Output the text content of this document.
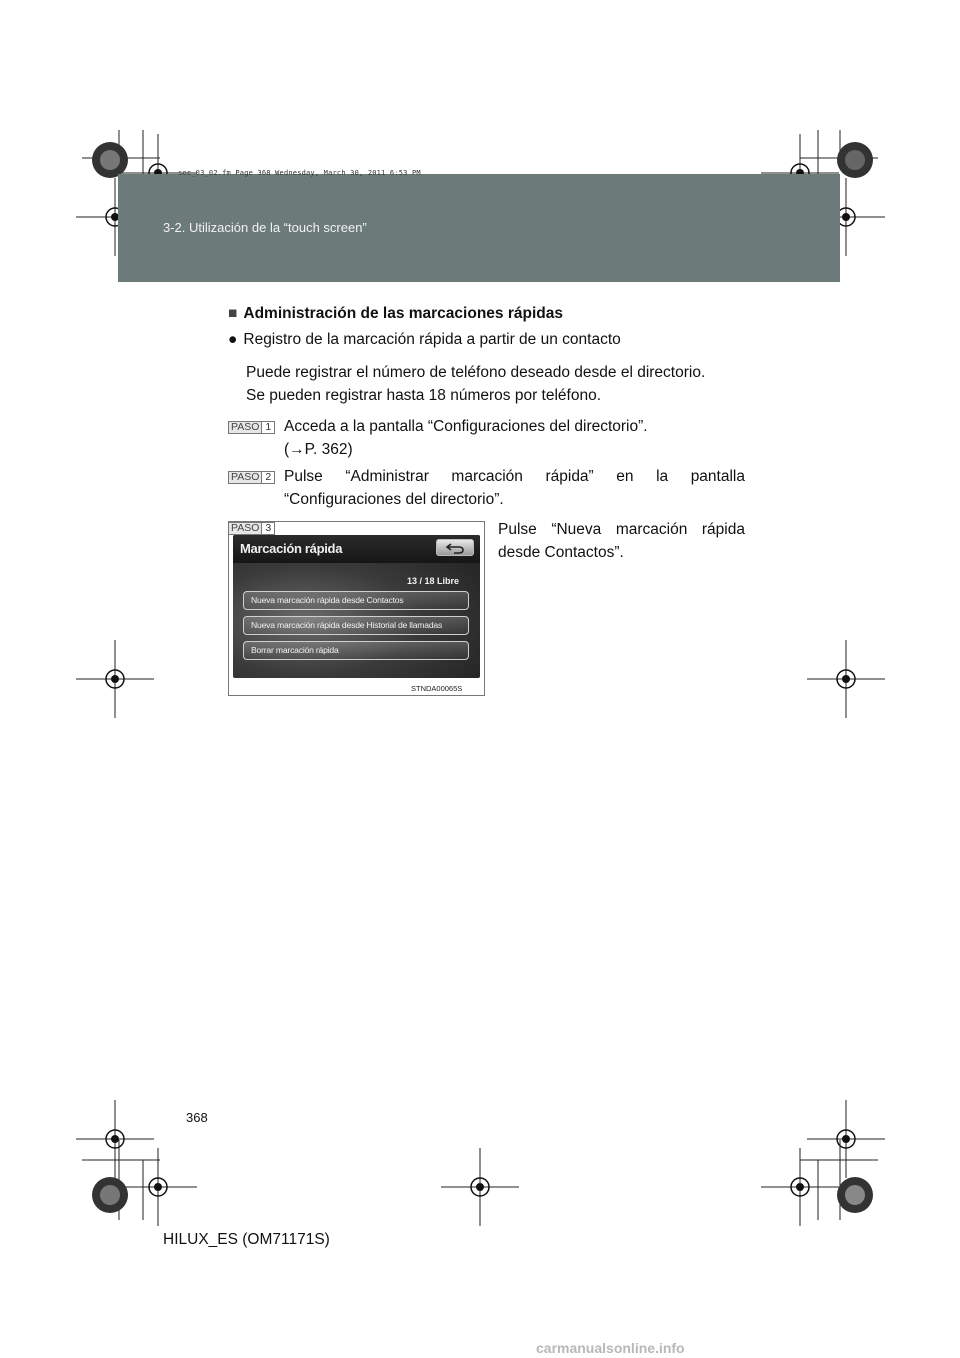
3-2. Utilización de la “touch screen”
sec_03_02.fm Page 368 Wednesday, March 30, 2011 6:53 PM
■ Administración de las marcaciones rápidas
● Registro de la marcación rápida a partir de un contacto
Puede registrar el número de teléfono deseado desde el directorio.
Se pueden registrar hasta 18 números por teléfono.
PASO 1 Acceda a la pantalla “Configuraciones del directorio”.
(→P. 362)
PASO 2 Pulse “Administrar marcación rápida” en la pantalla
“Configuraciones del directorio”.
PASO 3
Marcación rápida
13 / 18 Libre
Nueva marcación rápida desde Contactos
Nueva marcación rápida desde Historial de llamadas
Borrar marcación rápida
STNDA00065S
Pulse “Nueva marcación rápida
desde Contactos”.
368
HILUX_ES (OM71171S)
carmanualsonline.info
